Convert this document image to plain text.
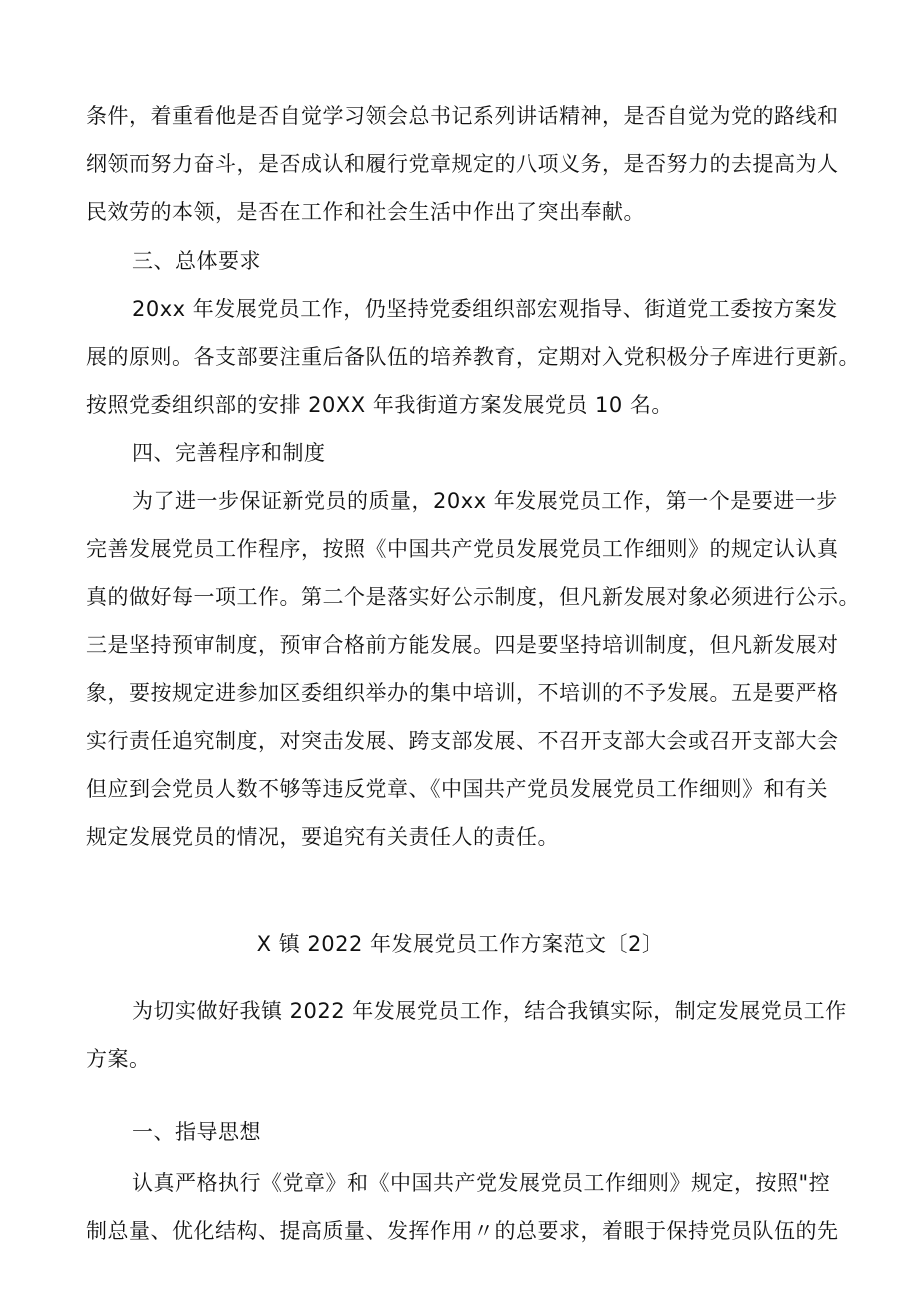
条件，着重看他是否自觉学习领会总书记系列讲话精神，是否自觉为党的路线和
纲领而努力奋斗，是否成认和履行党章规定的八项义务，是否努力的去提高为人
民效劳的本领，是否在工作和社会生活中作出了突出奉献。
三、总体要求
20xx 年发展党员工作，仍坚持党委组织部宏观指导、街道党工委按方案发
展的原则。各支部要注重后备队伍的培养教育，定期对入党积极分子库进行更新。
按照党委组织部的安排 20XX 年我街道方案发展党员 10 名。
四、完善程序和制度
为了进一步保证新党员的质量，20xx 年发展党员工作，第一个是要进一步
完善发展党员工作程序，按照《中国共产党员发展党员工作细则》的规定认认真
真的做好每一项工作。第二个是落实好公示制度，但凡新发展对象必须进行公示。
三是坚持预审制度，预审合格前方能发展。四是要坚持培训制度，但凡新发展对
象，要按规定进参加区委组织举办的集中培训，不培训的不予发展。五是要严格
实行责任追究制度，对突击发展、跨支部发展、不召开支部大会或召开支部大会
但应到会党员人数不够等违反党章、《中国共产党员发展党员工作细则》和有关
规定发展党员的情况，要追究有关责任人的责任。
X 镇 2022 年发展党员工作方案范文〔2〕
为切实做好我镇 2022 年发展党员工作，结合我镇实际，制定发展党员工作
方案。
一、指导思想
认真严格执行《党章》和《中国共产党发展党员工作细则》规定，按照"控
制总量、优化结构、提高质量、发挥作用〃的总要求，着眼于保持党员队伍的先
